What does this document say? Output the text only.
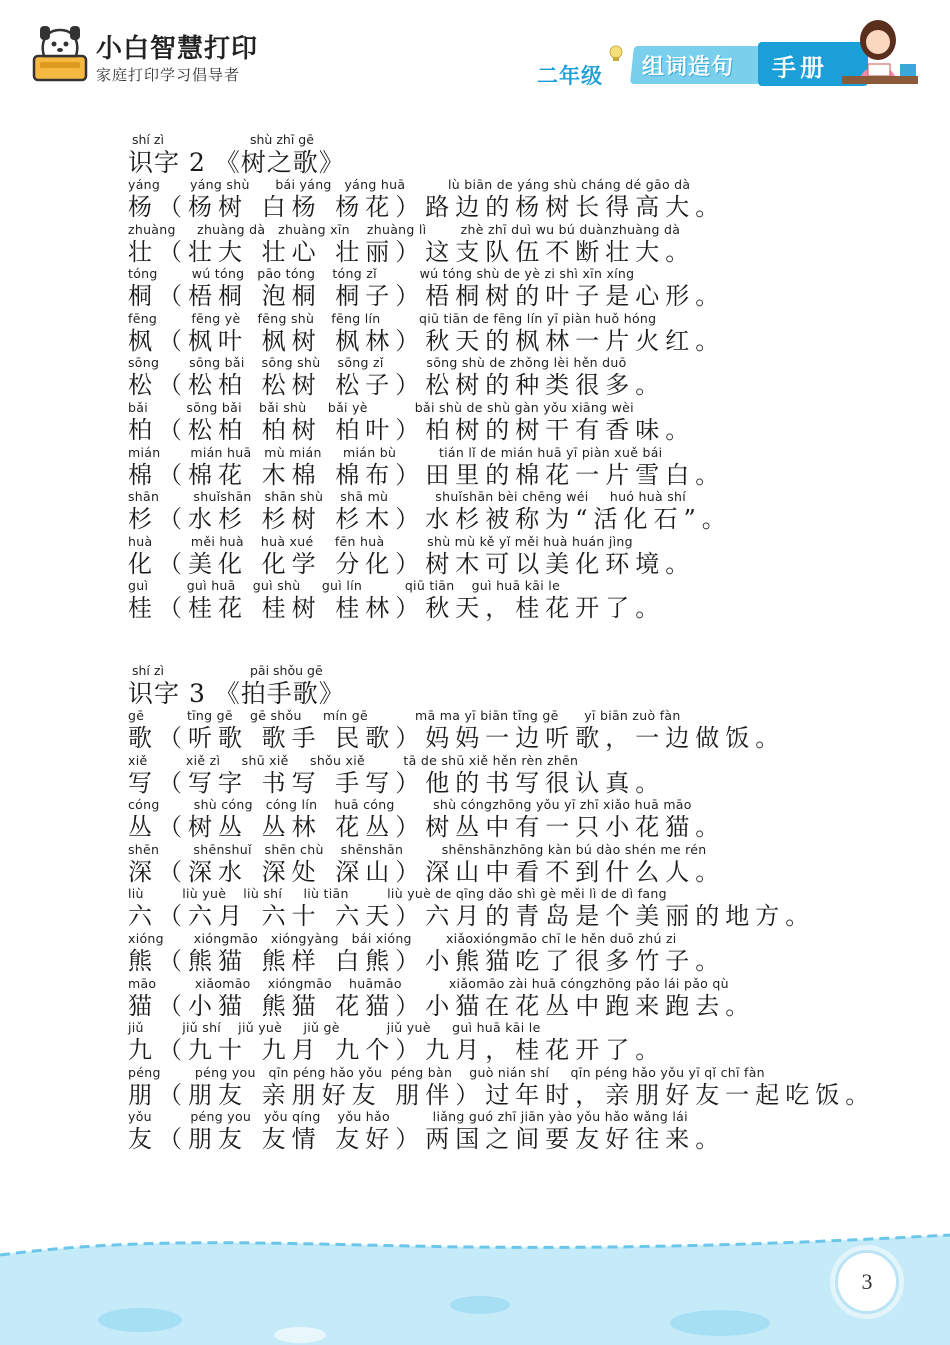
小白智慧打印
家庭打印学习倡导者	二年级 组词造句 手册
shí zì	shù zhī gē
识字 2 《树之歌》
yáng       yáng shù      bái yáng   yáng huā          lù biān de yáng shù cháng dé gāo dà
杨（杨树 白杨 杨花）路边的杨树长得高大。
zhuàng     zhuàng dà   zhuàng xīn    zhuàng lì        zhè zhī duì wu bú duànzhuàng dà
壮（壮大 壮心 壮丽）这支队伍不断壮大。
tóng        wú tóng   pāo tóng    tóng zǐ          wú tóng shù de yè zi shì xīn xíng
桐（梧桐 泡桐 桐子）梧桐树的叶子是心形。
fēng        fēng yè    fēng shù    fēng lín         qiū tiān de fēng lín yī piàn huǒ hóng
枫（枫叶 枫树 枫林）秋天的枫林一片火红。
sōng       sōng bǎi    sōng shù    sōng zǐ          sōng shù de zhǒng lèi hěn duō
松（松柏 松树 松子）松树的种类很多。
bǎi         sōng bǎi    bǎi shù     bǎi yè           bǎi shù de shù gàn yǒu xiāng wèi
柏（松柏 柏树 柏叶）柏树的树干有香味。
mián       mián huā   mù mián     mián bù          tián lǐ de mián huā yī piàn xuě bái
棉（棉花 木棉 棉布）田里的棉花一片雪白。
shān        shuǐshān   shān shù    shā mù           shuǐshān bèi chēng wéi     huó huà shí
杉（水杉 杉树 杉木）水杉被称为“活化石”。
huà         měi huà    huà xué     fēn huà          shù mù kě yǐ měi huà huán jìng
化（美化 化学 分化）树木可以美化环境。
guì         guì huā    guì shù     guì lín          qiū tiān    guì huā kāi le
桂（桂花 桂树 桂林）秋天，桂花开了。
shí zì	pāi shǒu gē
识字 3 《拍手歌》
gē          tīng gē    gē shǒu     mín gē           mā ma yī biān tīng gē      yī biān zuò fàn
歌（听歌 歌手 民歌）妈妈一边听歌，一边做饭。
xiě         xiě zì     shū xiě     shǒu xiě         tā de shū xiě hěn rèn zhēn
写（写字 书写 手写）他的书写很认真。
cóng        shù cóng   cóng lín    huā cóng         shù cóngzhōng yǒu yī zhī xiǎo huā māo
丛（树丛 丛林 花丛）树丛中有一只小花猫。
shēn        shēnshuǐ   shēn chù    shēnshān         shēnshānzhōng kàn bú dào shén me rén
深（深水 深处 深山）深山中看不到什么人。
liù         liù yuè    liù shí     liù tiān         liù yuè de qīng dǎo shì gè měi lì de dì fang
六（六月 六十 六天）六月的青岛是个美丽的地方。
xióng       xióngmāo   xióngyàng   bái xióng        xiǎoxióngmāo chī le hěn duō zhú zi
熊（熊猫 熊样 白熊）小熊猫吃了很多竹子。
māo         xiǎomāo    xióngmāo    huāmāo           xiǎomāo zài huā cóngzhōng pǎo lái pǎo qù
猫（小猫 熊猫 花猫）小猫在花丛中跑来跑去。
jiǔ         jiǔ shí    jiǔ yuè     jiǔ gè           jiǔ yuè     guì huā kāi le
九（九十 九月 九个）九月，桂花开了。
péng        péng you   qīn péng hǎo yǒu  péng bàn    guò nián shí     qīn péng hǎo yǒu yī qǐ chī fàn
朋（朋友 亲朋好友 朋伴）过年时，亲朋好友一起吃饭。
yǒu         péng you   yǒu qíng    yǒu hǎo          liǎng guó zhī jiān yào yǒu hǎo wǎng lái
友（朋友 友情 友好）两国之间要友好往来。
3
